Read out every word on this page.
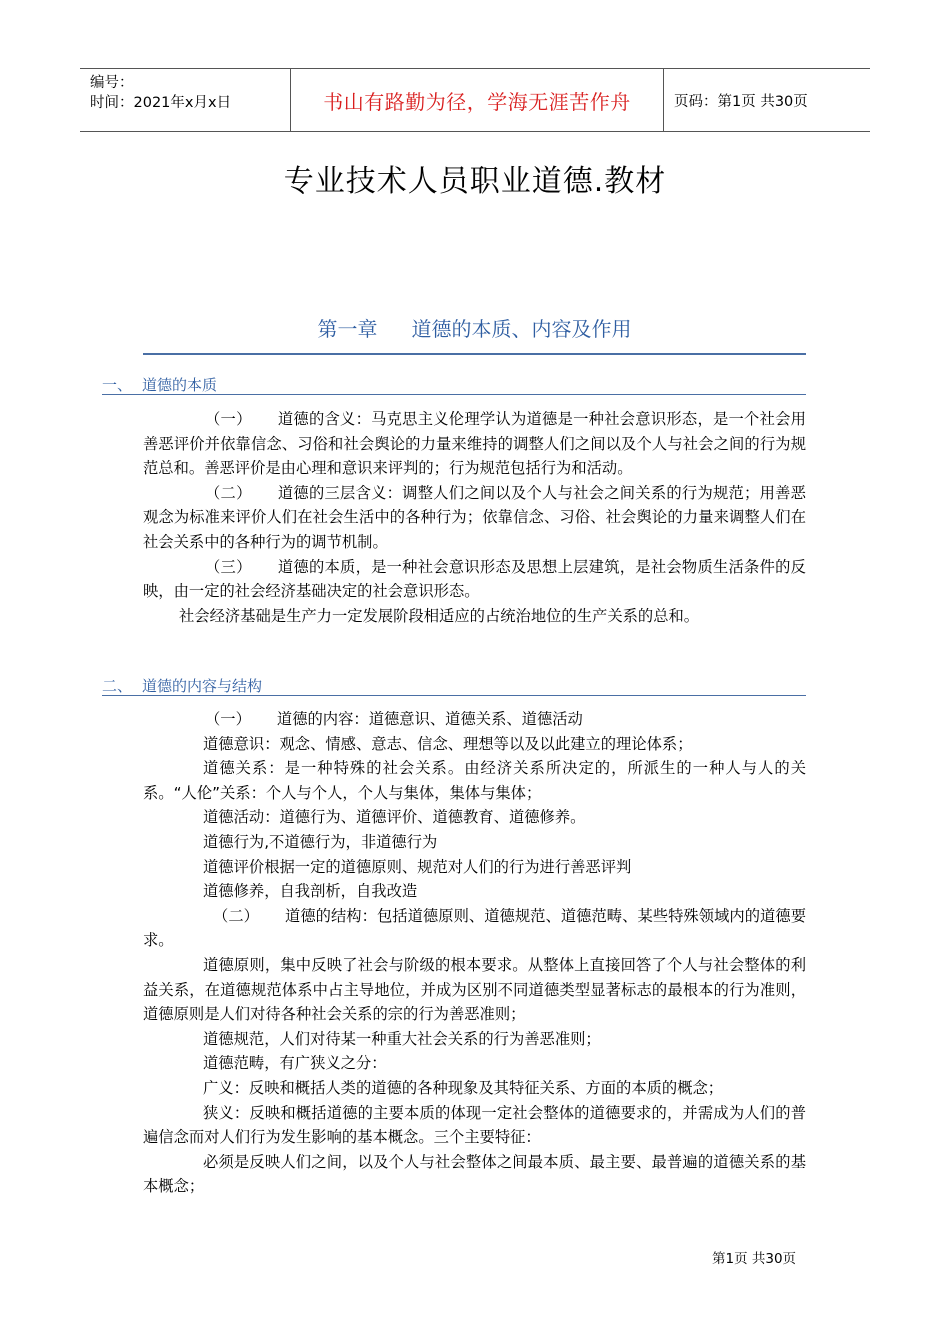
编号：
时间：2021年x月x日	书山有路勤为径，学海无涯苦作舟	页码：第1页 共30页
专业技术人员职业道德.教材
第一章 道德的本质、内容及作用
一、 道德的本质

（一） 道德的含义：马克思主义伦理学认为道德是一种社会意识形态，是一个社会用善恶评价并依靠信念、习俗和社会舆论的力量来维持的调整人们之间以及个人与社会之间的行为规范总和。善恶评价是由心理和意识来评判的；行为规范包括行为和活动。

（二） 道德的三层含义：调整人们之间以及个人与社会之间关系的行为规范；用善恶观念为标准来评价人们在社会生活中的各种行为；依靠信念、习俗、社会舆论的力量来调整人们在社会关系中的各种行为的调节机制。

（三） 道德的本质，是一种社会意识形态及思想上层建筑，是社会物质生活条件的反映，由一定的社会经济基础决定的社会意识形态。

社会经济基础是生产力一定发展阶段相适应的占统治地位的生产关系的总和。

二、 道德的内容与结构

（一） 道德的内容：道德意识、道德关系、道德活动

道德意识：观念、情感、意志、信念、理想等以及以此建立的理论体系；

道德关系：是一种特殊的社会关系。由经济关系所决定的，所派生的一种人与人的关系。“人伦”关系：个人与个人，个人与集体，集体与集体；

道德活动：道德行为、道德评价、道德教育、道德修养。

道德行为,不道德行为，非道德行为

道德评价根据一定的道德原则、规范对人们的行为进行善恶评判

道德修养，自我剖析，自我改造

（二） 道德的结构：包括道德原则、道德规范、道德范畴、某些特殊领域内的道德要求。

道德原则，集中反映了社会与阶级的根本要求。从整体上直接回答了个人与社会整体的利益关系，在道德规范体系中占主导地位，并成为区别不同道德类型显著标志的最根本的行为准则，道德原则是人们对待各种社会关系的宗的行为善恶准则；

道德规范，人们对待某一种重大社会关系的行为善恶准则；

道德范畴，有广狭义之分：

广义：反映和概括人类的道德的各种现象及其特征关系、方面的本质的概念；

狭义：反映和概括道德的主要本质的体现一定社会整体的道德要求的，并需成为人们的普遍信念而对人们行为发生影响的基本概念。三个主要特征：

必须是反映人们之间，以及个人与社会整体之间最本质、最主要、最普遍的道德关系的基本概念；

第1页 共30页
